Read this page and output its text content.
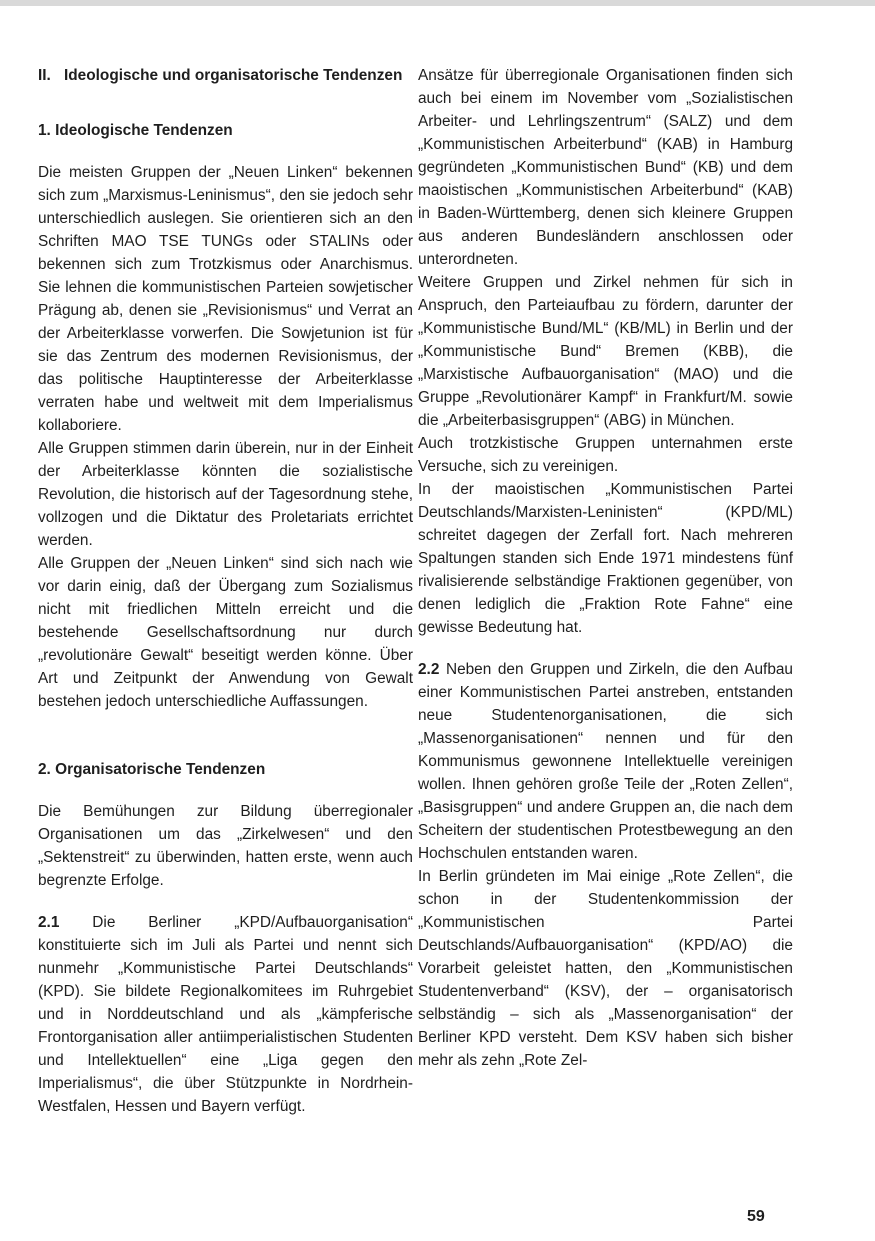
II. Ideologische und organisatorische Tendenzen
1. Ideologische Tendenzen

Die meisten Gruppen der „Neuen Linken“ bekennen sich zum „Marxismus-Leninismus“, den sie jedoch sehr unterschiedlich auslegen. Sie orientieren sich an den Schriften MAO TSE TUNGs oder STALINs oder bekennen sich zum Trotzkismus oder Anarchismus. Sie lehnen die kommunistischen Parteien sowjetischer Prägung ab, denen sie „Revisionismus“ und Verrat an der Arbeiterklasse vorwerfen. Die Sowjetunion ist für sie das Zentrum des modernen Revisionismus, der das politische Hauptinteresse der Arbeiterklasse verraten habe und weltweit mit dem Imperialismus kollaboriere.

Alle Gruppen stimmen darin überein, nur in der Einheit der Arbeiterklasse könnten die sozialistische Revolution, die historisch auf der Tagesordnung stehe, vollzogen und die Diktatur des Proletariats errichtet werden.

Alle Gruppen der „Neuen Linken“ sind sich nach wie vor darin einig, daß der Übergang zum Sozialismus nicht mit friedlichen Mitteln erreicht und die bestehende Gesellschaftsordnung nur durch „revolutionäre Gewalt“ beseitigt werden könne. Über Art und Zeitpunkt der Anwendung von Gewalt bestehen jedoch unterschiedliche Auffassungen.

2. Organisatorische Tendenzen

Die Bemühungen zur Bildung überregionaler Organisationen um das „Zirkelwesen“ und den „Sektenstreit“ zu überwinden, hatten erste, wenn auch begrenzte Erfolge.

2.1 Die Berliner „KPD/Aufbauorganisation“ konstituierte sich im Juli als Partei und nennt sich nunmehr „Kommunistische Partei Deutschlands“ (KPD). Sie bildete Regionalkomitees im Ruhrgebiet und in Norddeutschland und als „kämpferische Frontorganisation aller antiimperialistischen Studenten und Intellektuellen“ eine „Liga gegen den Imperialismus“, die über Stützpunkte in Nordrhein-Westfalen, Hessen und Bayern verfügt.

Ansätze für überregionale Organisationen finden sich auch bei einem im November vom „Sozialistischen Arbeiter- und Lehrlingszentrum“ (SALZ) und dem „Kommunistischen Arbeiterbund“ (KAB) in Hamburg gegründeten „Kommunistischen Bund“ (KB) und dem maoistischen „Kommunistischen Arbeiterbund“ (KAB) in Baden-Württemberg, denen sich kleinere Gruppen aus anderen Bundesländern anschlossen oder unterordneten.

Weitere Gruppen und Zirkel nehmen für sich in Anspruch, den Parteiaufbau zu fördern, darunter der „Kommunistische Bund/ML“ (KB/ML) in Berlin und der „Kommunistische Bund“ Bremen (KBB), die „Marxistische Aufbauorganisation“ (MAO) und die Gruppe „Revolutionärer Kampf“ in Frankfurt/M. sowie die „Arbeiterbasisgruppen“ (ABG) in München.

Auch trotzkistische Gruppen unternahmen erste Versuche, sich zu vereinigen.

In der maoistischen „Kommunistischen Partei Deutschlands/Marxisten-Leninisten“ (KPD/ML) schreitet dagegen der Zerfall fort. Nach mehreren Spaltungen standen sich Ende 1971 mindestens fünf rivalisierende selbständige Fraktionen gegenüber, von denen lediglich die „Fraktion Rote Fahne“ eine gewisse Bedeutung hat.

2.2 Neben den Gruppen und Zirkeln, die den Aufbau einer Kommunistischen Partei anstreben, entstanden neue Studentenorganisationen, die sich „Massenorganisationen“ nennen und für den Kommunismus gewonnene Intellektuelle vereinigen wollen. Ihnen gehören große Teile der „Roten Zellen“, „Basisgruppen“ und andere Gruppen an, die nach dem Scheitern der studentischen Protestbewegung an den Hochschulen entstanden waren.

In Berlin gründeten im Mai einige „Rote Zellen“, die schon in der Studentenkommission der „Kommunistischen Partei Deutschlands/Aufbauorganisation“ (KPD/AO) die Vorarbeit geleistet hatten, den „Kommunistischen Studentenverband“ (KSV), der – organisatorisch selbständig – sich als „Massenorganisation“ der Berliner KPD versteht. Dem KSV haben sich bisher mehr als zehn „Rote Zel-

59
